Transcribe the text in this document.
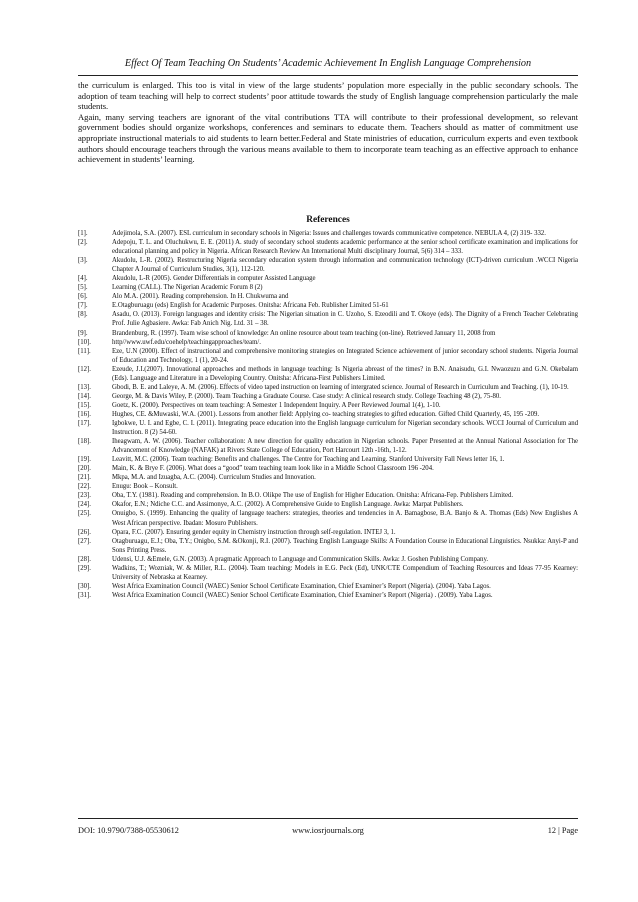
Effect Of Team Teaching On Students’ Academic Achievement In English Language Comprehension

the curriculum is enlarged. This too is vital in view of the large students’ population more especially in the public secondary schools. The adoption of team teaching will help to correct students’ poor attitude towards the study of English language comprehension particularly the male students.

Again, many serving teachers are ignorant of the vital contributions TTA will contribute to their professional development, so relevant government bodies should organize workshops, conferences and seminars to educate them. Teachers should as matter of commitment use appropriate instructional materials to aid students to learn better.Federal and State ministries of education, curriculum experts and even textbook authors should encourage teachers through the various means available to them to incorporate team teaching as an effective approach to enhance achievement in students’ learning.

References
[1].	Adejimola, S.A. (2007). ESL curriculum in secondary schools in Nigeria: Issues and challenges towards communicative competence. NEBULA 4, (2) 319- 332.
[2].	Adepoju, T. L. and Oluchukwu, E. E. (2011) A. study of secondary school students academic performance at the senior school certificate examination and implications for educational planning and policy in Nigeria. African Research Review An International Multi disciplinary Journal, 5(6) 314 – 333.
[3].	Akudolu, L-R. (2002). Restructuring Nigeria secondary education system through information and communication technology (ICT)-driven curriculum .WCCI Nigeria Chapter A Journal of Curriculum Studies, 3(1), 112-120.
[4].	Akudolu, L-R (2005). Gender Differentials in computer Assisted Language
[5].	Learning (CALL). The Nigerian Academic Forum 8 (2)
[6].	Alo M.A. (2001). Reading comprehension. In H. Chukwuma and
[7].	E.Otagburuagu (eds) English for Academic Purposes. Onitsha: Africana Feb. Rublisher Limited 51-61
[8].	Asadu, O. (2013). Foreign languages and identity crisis: The Nigerian situation in C. Uzoho, S. Ezeodili and T. Okoye (eds). The Dignity of a French Teacher Celebrating Prof. Julie Agbasiere. Awka: Fab Anich Nig. Ltd. 31 – 38.
[9].	Brandenburg, R. (1997). Team wise school of knowledge: An online resource about team teaching (on-line). Retrieved January 11, 2008 from
[10].	http//www.uwf.edu/coehelp/teachingapproaches/team/.
[11].	Eze, U.N (2000). Effect of instructional and comprehensive monitoring strategies on Integrated Science achievement of junior secondary school students. Nigeria Journal of Education and Technology, 1 (1), 20-24.
[12].	Ezeude, J.I.(2007). Innovational approaches and methods in language teaching: Is Nigeria abreast of the times? in B.N. Anaisudu, G.I. Nwaozuzu and G.N. Okebalam (Eds). Language and Literature in a Developing Country. Onitsha: Africana-First Publishers Limited.
[13].	Gbodi, B. E. and Laleye, A. M. (2006). Effects of video taped instruction on learning of intergrated science. Journal of Research in Curriculum and Teaching. (1), 10-19.
[14].	George, M. & Davis Wiley, P. (2000). Team Teaching a Graduate Course. Case study: A clinical research study. College Teaching 48 (2), 75-80.
[15].	Goetz, K. (2000). Perspectives on team teaching: A Semester 1 Independent Inquiry. A Peer Reviewed Journal 1(4), 1-10.
[16].	Hughes, CE. &Muwaski, W.A. (2001). Lessons from another field: Applying co- teaching strategies to gifted education. Gifted Child Quarterly, 45, 195 -209.
[17].	Igbokwe, U. I. and Egbe, C. I. (2011). Integrating peace education into the English language curriculum for Nigerian secondary schools. WCCI Journal of Curriculum and Instruction. 8 (2) 54-60.
[18].	Iheagwam, A. W. (2006). Teacher collaboration: A new direction for quality education in Nigerian schools. Paper Presented at the Annual National Association for The Advancement of Knowledge (NAFAK) at Rivers State College of Education, Port Harcourt 12th -16th, 1-12.
[19].	Leavitt, M.C. (2006). Team teaching: Benefits and challenges. The Centre for Teaching and Learning. Stanford University Fall News letter 16, 1.
[20].	Main, K. & Brye F. (2006). What does a “good” team teaching team look like in a Middle School Classroom 196 -204.
[21].	Mkpa, M.A. and Izuagba, A.C. (2004). Curriculum Studies and Innovation.
[22].	Enugu: Book – Konsult.
[23].	Oba, T.Y. (1981). Reading and comprehension. In B.O. Olikpe The use of English for Higher Education. Onitsha: Africana-Fep. Publishers Limited.
[24].	Okafor, E.N.; Ndiche C.C. and Assimonye, A.C. (2002). A Comprehensive Guide to English Language. Awka: Marpat Publishers.
[25].	Onuigbo, S. (1999). Enhancing the quality of language teachers: strategies, theories and tendencies in A. Bamagbose, B.A. Banjo & A. Thomas (Eds) New Englishes A West African perspective. Ibadan: Mosuro Publishers.
[26].	Opara, F.C. (2007). Ensuring gender equity in Chemistry instruction through self-regulation. INTEJ 3, 1.
[27].	Otagburuagu, E.J.; Oba, T.Y.; Onigbo, S.M. &Okonji, R.I. (2007). Teaching English Language Skills: A Foundation Course in Educational Linguistics. Nsukka: Anyi-P and Sons Printing Press.
[28].	Udensi, U.J. &Emele, G.N. (2003). A pragmatic Approach to Language and Communication Skills. Awka: J. Goshen Publishing Company.
[29].	Wadkins, T.; Wozniak, W. & Miller, R.L. (2004). Team teaching: Models in E.G. Peck (Ed), UNK/CTE Compendium of Teaching Resources and Ideas 77-95 Kearney: University of Nebraska at Kearney.
[30].	West Africa Examination Council (WAEC) Senior School Certificate Examination, Chief Examiner’s Report (Nigeria). (2004). Yaba Lagos.
[31].	West Africa Examination Council (WAEC) Senior School Certificate Examination, Chief Examiner’s Report (Nigeria) . (2009). Yaba Lagos.
DOI: 10.9790/7388-05530612	www.iosrjournals.org	12 | Page
